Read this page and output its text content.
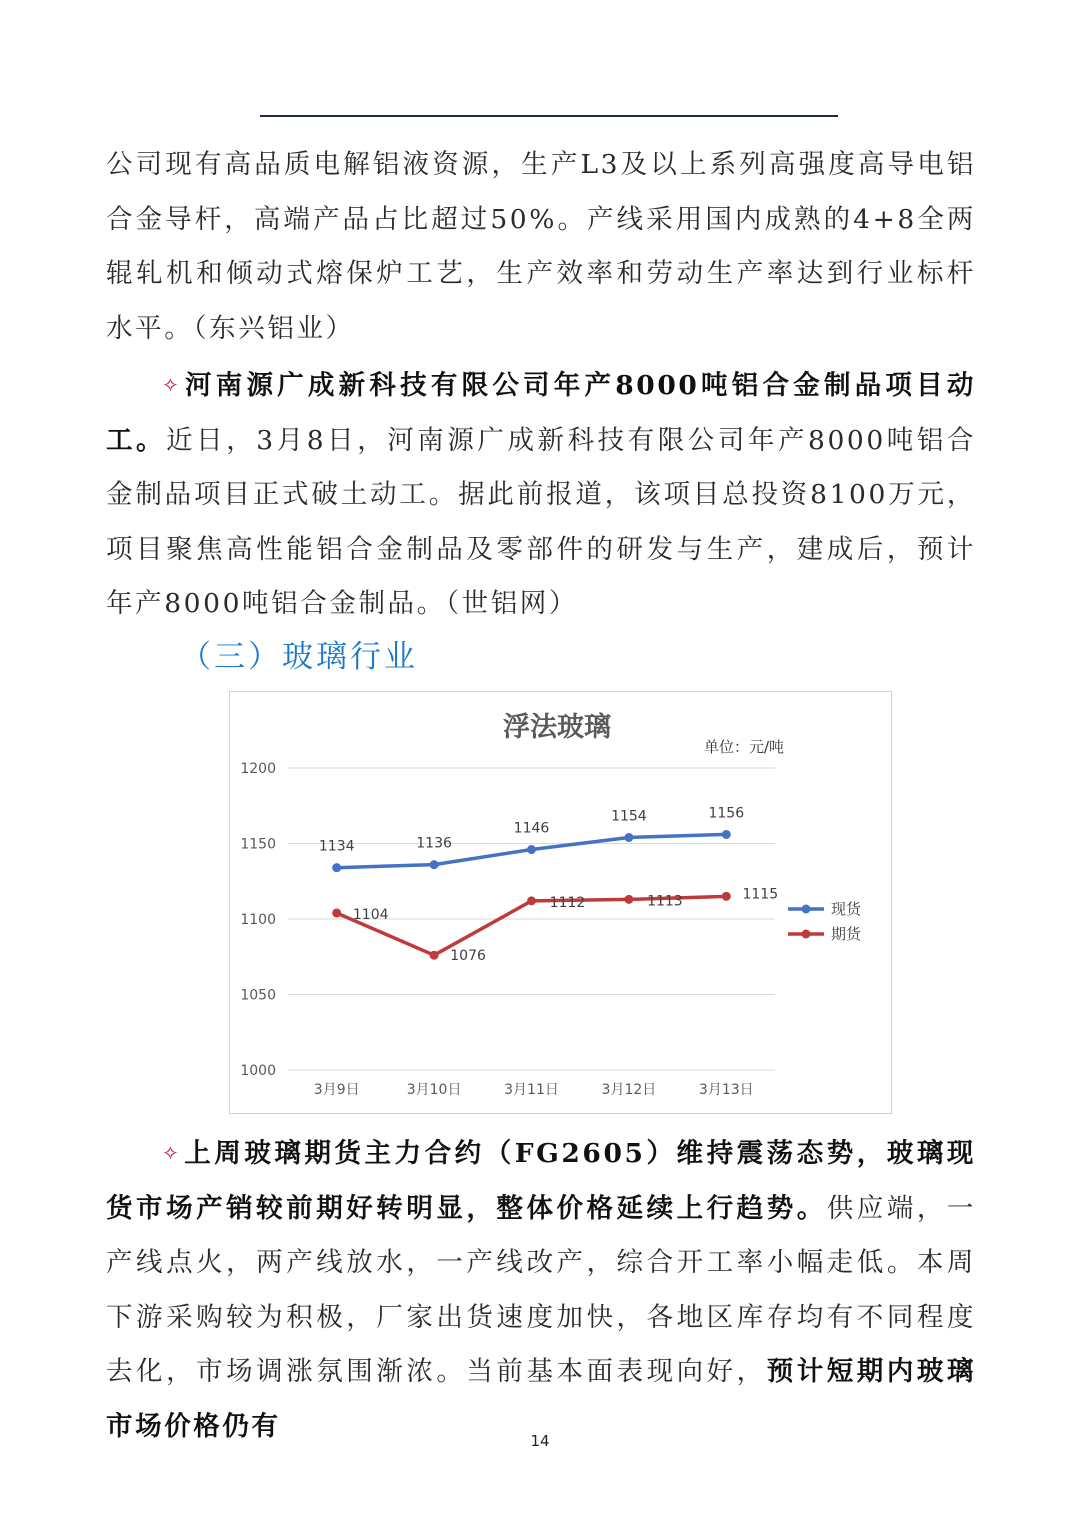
公司现有高品质电解铝液资源，生产L3及以上系列高强度高导电铝合金导杆，高端产品占比超过50%。产线采用国内成熟的4+8全两辊轧机和倾动式熔保炉工艺，生产效率和劳动生产率达到行业标杆水平。（东兴铝业）

✧河南源广成新科技有限公司年产8000吨铝合金制品项目动工。近日，3月8日，河南源广成新科技有限公司年产8000吨铝合金制品项目正式破土动工。据此前报道，该项目总投资8100万元，项目聚焦高性能铝合金制品及零部件的研发与生产，建成后，预计年产8000吨铝合金制品。（世铝网）

（三）玻璃行业
浮法玻璃
单位：元/吨
1000
1050
1100
1150
1200
3月9日	3月10日	3月11日	3月12日	3月13日
1134	1136
1146
1154	1156
1104
1076
1112	1113	1115
现货
期货

✧上周玻璃期货主力合约（FG2605）维持震荡态势，玻璃现货市场产销较前期好转明显，整体价格延续上行趋势。供应端，一产线点火，两产线放水，一产线改产，综合开工率小幅走低。本周下游采购较为积极，厂家出货速度加快，各地区库存均有不同程度去化，市场调涨氛围渐浓。当前基本面表现向好，预计短期内玻璃市场价格仍有	14
